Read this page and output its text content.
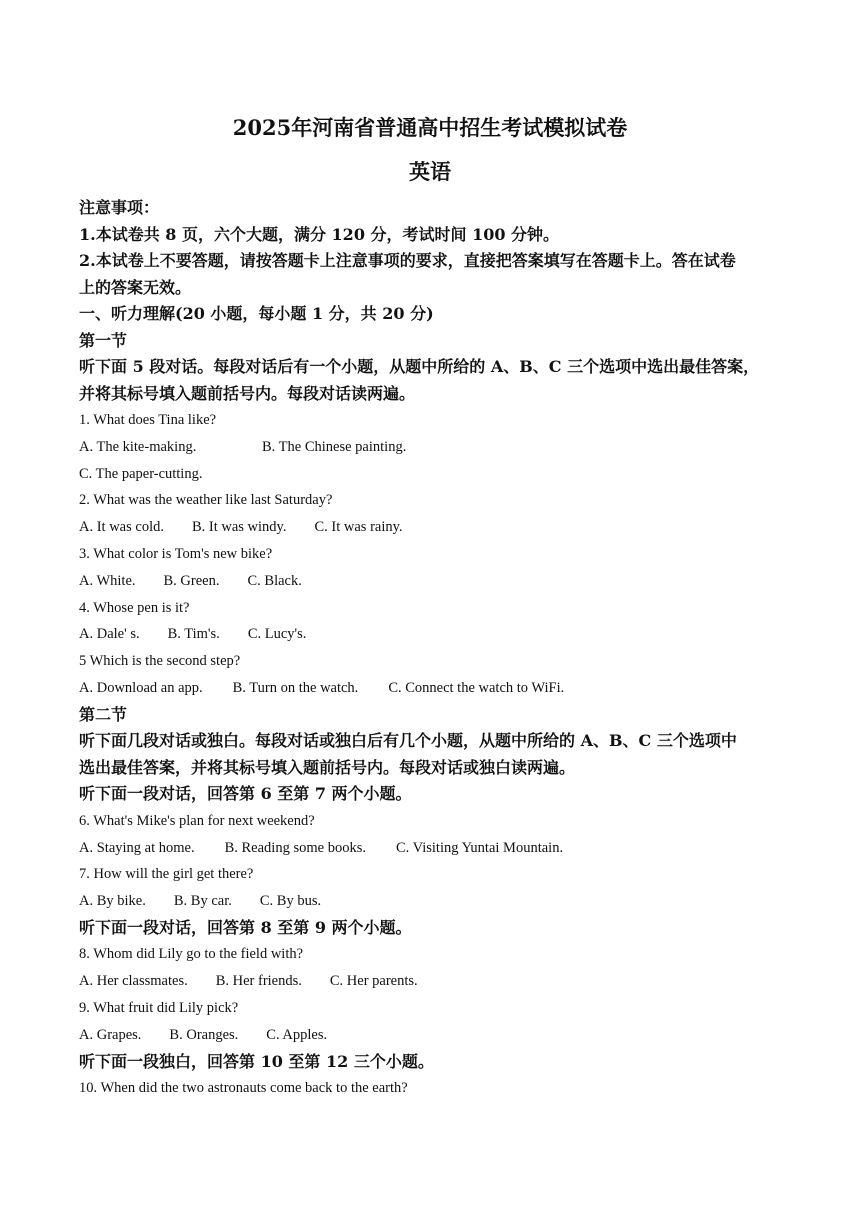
2025年河南省普通高中招生考试模拟试卷
英语

注意事项：

1.本试卷共 8 页，六个大题，满分 120 分，考试时间 100 分钟。

2.本试卷上不要答题，请按答题卡上注意事项的要求，直接把答案填写在答题卡上。答在试卷

上的答案无效。

一、听力理解(20 小题，每小题 1 分，共 20 分)

第一节

听下面 5 段对话。每段对话后有一个小题，从题中所给的 A、B、C 三个选项中选出最佳答案，

并将其标号填入题前括号内。每段对话读两遍。

1. What does Tina like?

A. The kite-making.	B. The Chinese painting.

C. The paper-cutting.

2. What was the weather like last Saturday?

A. It was cold. B. It was windy. C. It was rainy.

3. What color is Tom's new bike?

A. White. B. Green. C. Black.

4. Whose pen is it?

A. Dale' s. B. Tim's. C. Lucy's.

5 Which is the second step?

A. Download an app. B. Turn on the watch. C. Connect the watch to WiFi.

第二节

听下面几段对话或独白。每段对话或独白后有几个小题，从题中所给的 A、B、C 三个选项中

选出最佳答案，并将其标号填入题前括号内。每段对话或独白读两遍。

听下面一段对话，回答第 6 至第 7 两个小题。

6. What's Mike's plan for next weekend?

A. Staying at home. B. Reading some books. C. Visiting Yuntai Mountain.

7. How will the girl get there?

A. By bike. B. By car. C. By bus.

听下面一段对话，回答第 8 至第 9 两个小题。

8. Whom did Lily go to the field with?

A. Her classmates. B. Her friends. C. Her parents.

9. What fruit did Lily pick?

A. Grapes. B. Oranges. C. Apples.

听下面一段独白，回答第 10 至第 12 三个小题。

10. When did the two astronauts come back to the earth?
